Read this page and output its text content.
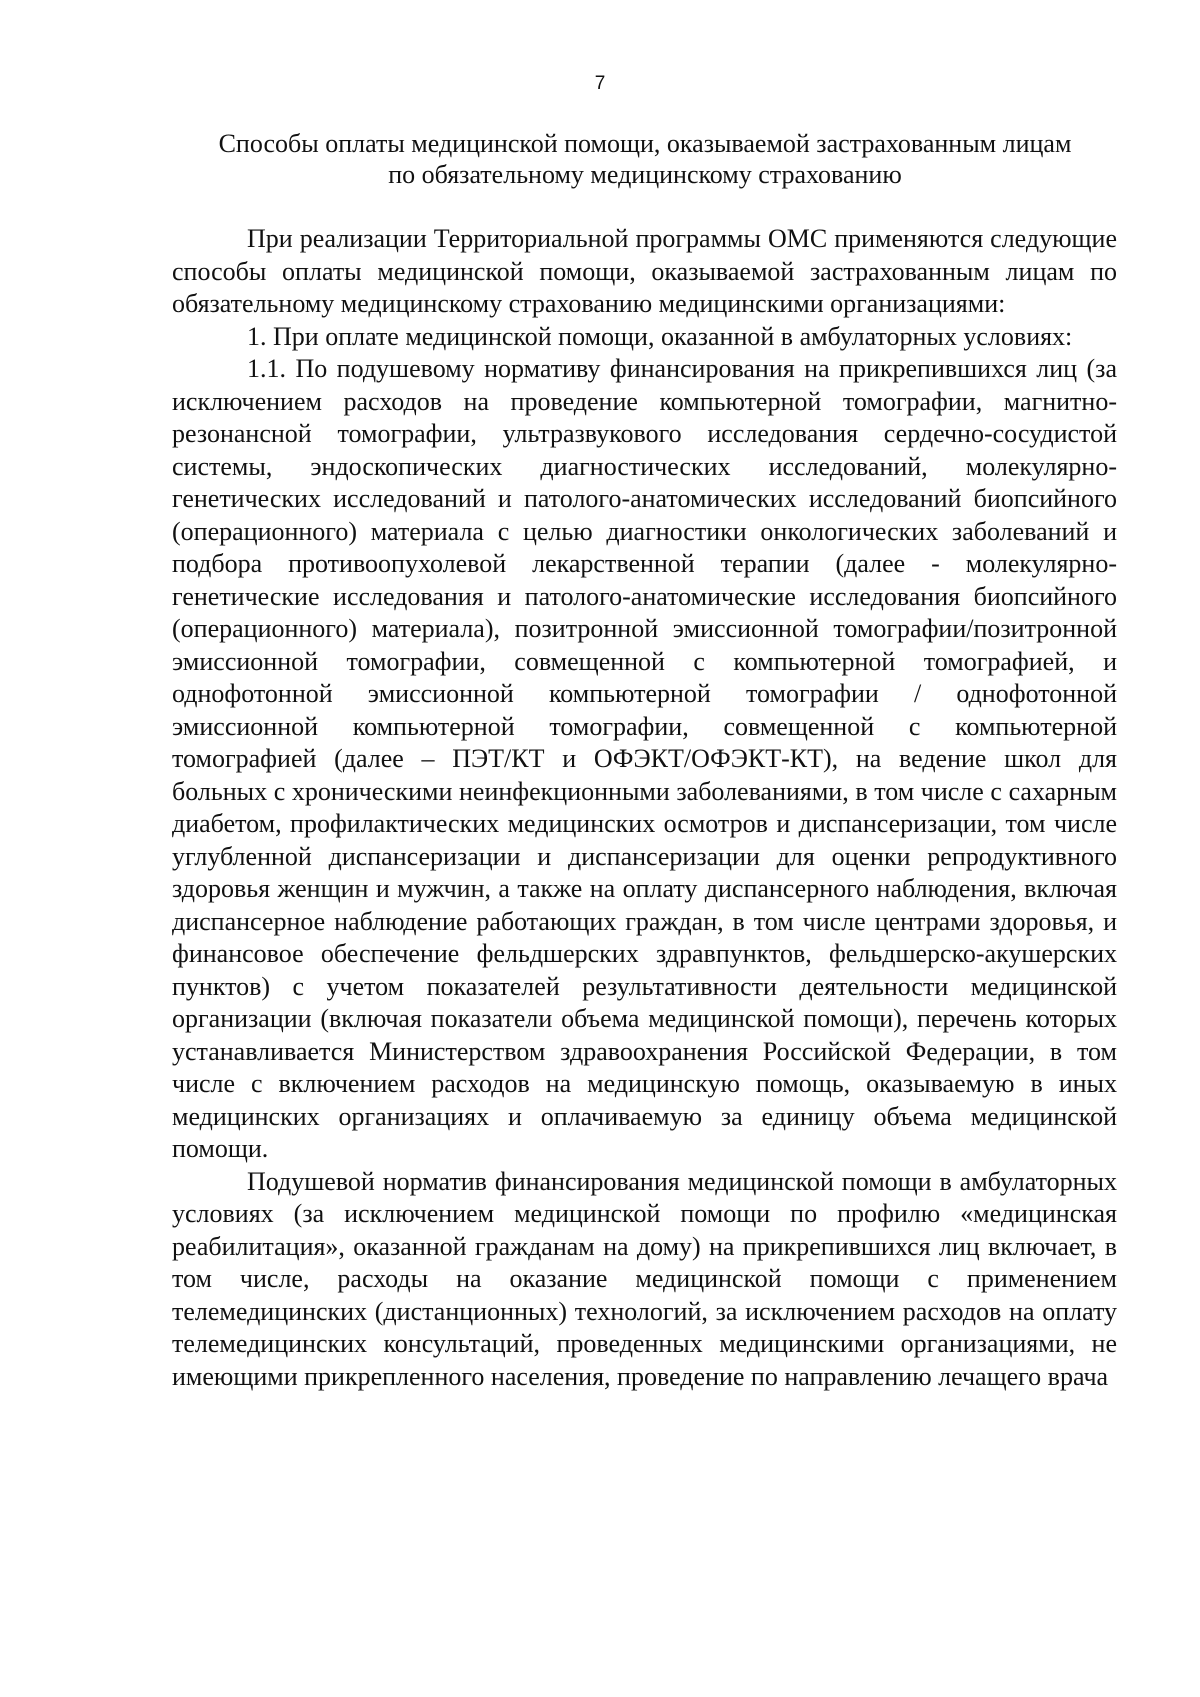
7
Способы оплаты медицинской помощи, оказываемой застрахованным лицам
по обязательному медицинскому страхованию

При реализации Территориальной программы ОМС применяются следующие способы оплаты медицинской помощи, оказываемой застрахованным лицам по обязательному медицинскому страхованию медицинскими организациями:

1. При оплате медицинской помощи, оказанной в амбулаторных условиях:

1.1. По подушевому нормативу финансирования на прикрепившихся лиц (за исключением расходов на проведение компьютерной томографии, магнитно-резонансной томографии, ультразвукового исследования сердечно-сосудистой системы, эндоскопических диагностических исследований, молекулярно-генетических исследований и патолого-анатомических исследований биопсийного (операционного) материала с целью диагностики онкологических заболеваний и подбора противоопухолевой лекарственной терапии (далее - молекулярно-генетические исследования и патолого-анатомические исследования биопсийного (операционного) материала), позитронной эмиссионной томографии/позитронной эмиссионной томографии, совмещенной с компьютерной томографией, и однофотонной эмиссионной компьютерной томографии / однофотонной эмиссионной компьютерной томографии, совмещенной с компьютерной томографией (далее – ПЭТ/КТ и ОФЭКТ/ОФЭКТ-КТ), на ведение школ для больных с хроническими неинфекционными заболеваниями, в том числе с сахарным диабетом, профилактических медицинских осмотров и диспансеризации, том числе углубленной диспансеризации и диспансеризации для оценки репродуктивного здоровья женщин и мужчин, а также на оплату диспансерного наблюдения, включая диспансерное наблюдение работающих граждан, в том числе центрами здоровья, и финансовое обеспечение фельдшерских здравпунктов, фельдшерско-акушерских пунктов) с учетом показателей результативности деятельности медицинской организации (включая показатели объема медицинской помощи), перечень которых устанавливается Министерством здравоохранения Российской Федерации, в том числе с включением расходов на медицинскую помощь, оказываемую в иных медицинских организациях и оплачиваемую за единицу объема медицинской помощи.

Подушевой норматив финансирования медицинской помощи в амбулаторных условиях (за исключением медицинской помощи по профилю «медицинская реабилитация», оказанной гражданам на дому) на прикрепившихся лиц включает, в том числе, расходы на оказание медицинской помощи с применением телемедицинских (дистанционных) технологий, за исключением расходов на оплату телемедицинских консультаций, проведенных медицинскими организациями, не имеющими прикрепленного населения, проведение по направлению лечащего врача
